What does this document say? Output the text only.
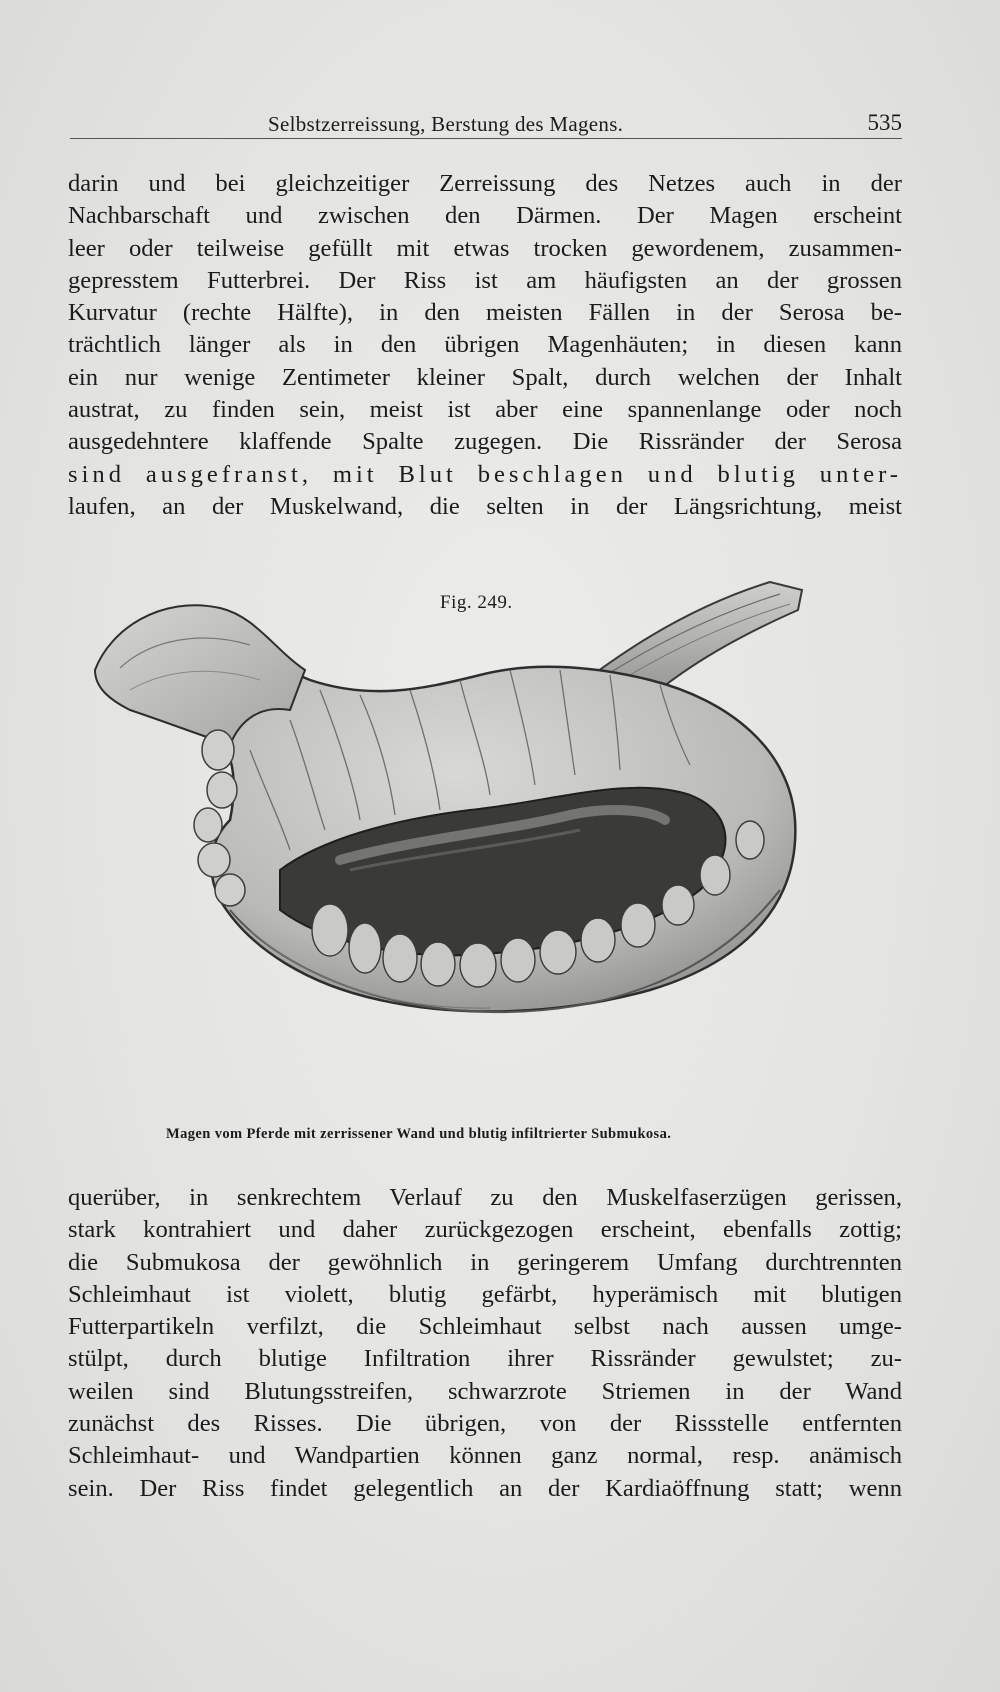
Selbstzerreissung, Berstung des Magens.	535
darin und bei gleichzeitiger Zerreissung des Netzes auch in der
Nachbarschaft und zwischen den Därmen. Der Magen erscheint
leer oder teilweise gefüllt mit etwas trocken gewordenem, zusammen-
gepresstem Futterbrei. Der Riss ist am häufigsten an der grossen
Kurvatur (rechte Hälfte), in den meisten Fällen in der Serosa be-
trächtlich länger als in den übrigen Magenhäuten; in diesen kann
ein nur wenige Zentimeter kleiner Spalt, durch welchen der Inhalt
austrat, zu finden sein, meist ist aber eine spannenlange oder noch
ausgedehntere klaffende Spalte zugegen. Die Rissränder der Serosa
sind ausgefranst, mit Blut beschlagen und blutig unter-
laufen, an der Muskelwand, die selten in der Längsrichtung, meist
Fig. 249.
Magen vom Pferde mit zerrissener Wand und blutig infiltrierter Submukosa.
querüber, in senkrechtem Verlauf zu den Muskelfaserzügen gerissen,
stark kontrahiert und daher zurückgezogen erscheint, ebenfalls zottig;
die Submukosa der gewöhnlich in geringerem Umfang durchtrennten
Schleimhaut ist violett, blutig gefärbt, hyperämisch mit blutigen
Futterpartikeln verfilzt, die Schleimhaut selbst nach aussen umge-
stülpt, durch blutige Infiltration ihrer Rissränder gewulstet; zu-
weilen sind Blutungsstreifen, schwarzrote Striemen in der Wand
zunächst des Risses. Die übrigen, von der Rissstelle entfernten
Schleimhaut- und Wandpartien können ganz normal, resp. anämisch
sein. Der Riss findet gelegentlich an der Kardiaöffnung statt; wenn
